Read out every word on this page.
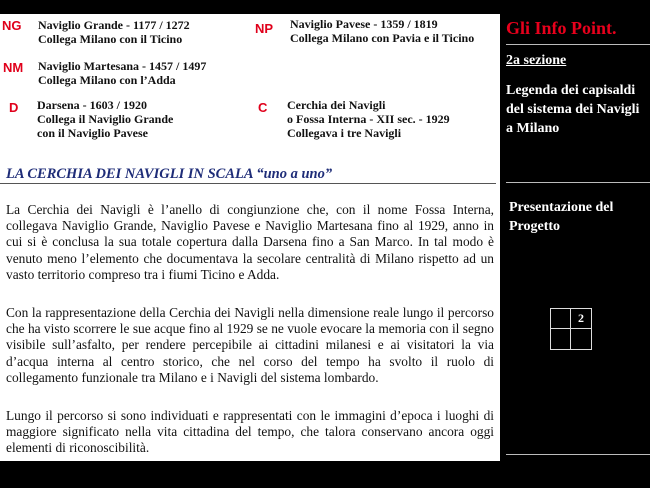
NG Naviglio Grande - 1177 / 1272
Collega Milano con il Ticino
NP Naviglio Pavese - 1359 / 1819
Collega Milano con Pavia e il Ticino
NM Naviglio Martesana - 1457 / 1497
Collega Milano con l’Adda
D Darsena - 1603 / 1920
Collega il Naviglio Grande
con il Naviglio Pavese
C Cerchia dei Navigli
o Fossa Interna - XII sec. - 1929
Collegava i tre Navigli
LA CERCHIA DEI NAVIGLI IN SCALA “uno a uno”

La Cerchia dei Navigli è l’anello di congiunzione che, con il nome Fossa Interna, collegava Naviglio Grande, Naviglio Pavese e Naviglio Martesana fino al 1929, anno in cui si è conclusa la sua totale copertura dalla Darsena fino a San Marco. In tal modo è venuto meno l’elemento che documentava la secolare centralità di Milano rispetto ad un vasto territorio compreso tra i fiumi Ticino e Adda.

Con la rappresentazione della Cerchia dei Navigli nella dimensione reale lungo il percorso che ha visto scorrere le sue acque fino al 1929 se ne vuole evocare la memoria con il segno visibile sull’asfalto, per rendere percepibile ai cittadini milanesi e ai visitatori la via d’acqua interna al centro storico, che nel corso del tempo ha svolto il ruolo di collegamento funzionale tra Milano e i Navigli del sistema lombardo.

Lungo il percorso si sono individuati e rappresentati con le immagini d’epoca i luoghi di maggiore significato nella vita cittadina del tempo, che talora conservano ancora oggi elementi di riconoscibilità.

Gli Info Point.
2a sezione
Legenda dei capisaldi del sistema dei Navigli a Milano
Presentazione del Progetto
2
